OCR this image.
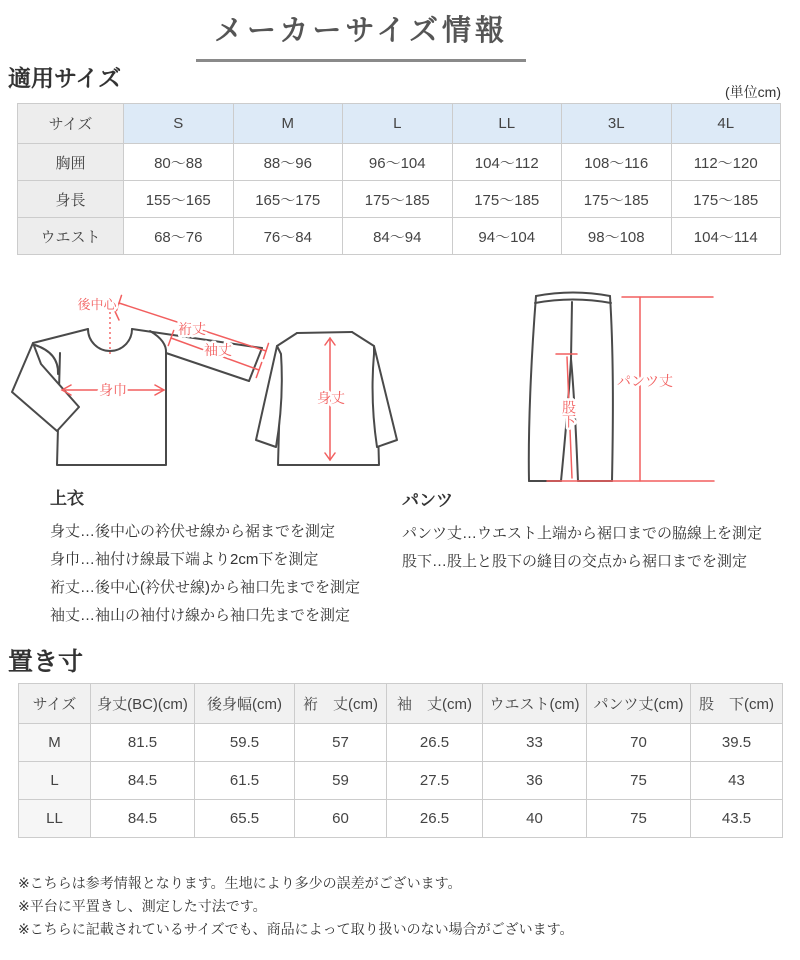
メーカーサイズ情報
適用サイズ
(単位cm)
サイズ	S	M	L	LL	3L	4L
胸囲	80～88	88～96	96～104	104～112	108～116	112～120
身長	155～165	165～175	175～185	175～185	175～185	175～185
ウエスト	68～76	76～84	84～94	94～104	98～108	104～114
後中心
裄丈
袖丈
身巾	身丈
股下
パンツ丈
上衣
身丈…後中心の衿伏せ線から裾までを測定
身巾…袖付け線最下端より2cm下を測定
裄丈…後中心(衿伏せ線)から袖口先までを測定
袖丈…袖山の袖付け線から袖口先までを測定
パンツ
パンツ丈…ウエスト上端から裾口までの脇線上を測定
股下…股上と股下の縫目の交点から裾口までを測定
置き寸
サイズ	身丈(BC)(cm)	後身幅(cm)	裄　丈(cm)	袖　丈(cm)	ウエスト(cm)	パンツ丈(cm)	股　下(cm)
M	81.5	59.5	57	26.5	33	70	39.5
L	84.5	61.5	59	27.5	36	75	43
LL	84.5	65.5	60	26.5	40	75	43.5
※こちらは参考情報となります。生地により多少の誤差がございます。
※平台に平置きし、測定した寸法です。
※こちらに記載されているサイズでも、商品によって取り扱いのない場合がございます。
